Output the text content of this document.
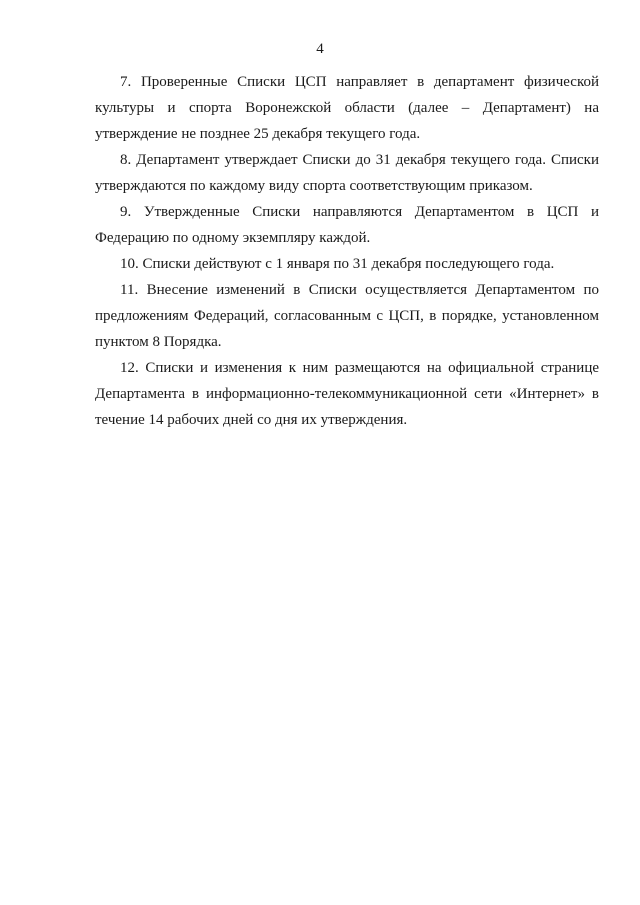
4

7. Проверенные Списки ЦСП направляет в департамент физической культуры и спорта Воронежской области (далее – Департамент) на утверждение не позднее 25 декабря текущего года.

8. Департамент утверждает Списки до 31 декабря текущего года. Списки утверждаются по каждому виду спорта соответствующим приказом.

9. Утвержденные Списки направляются Департаментом в ЦСП и Федерацию по одному экземпляру каждой.

10. Списки действуют с 1 января по 31 декабря последующего года.

11. Внесение изменений в Списки осуществляется Департаментом по предложениям Федераций, согласованным с ЦСП, в порядке, установленном пунктом 8 Порядка.

12. Списки и изменения к ним размещаются на официальной странице Департамента в информационно-телекоммуникационной сети «Интернет» в течение 14 рабочих дней со дня их утверждения.
